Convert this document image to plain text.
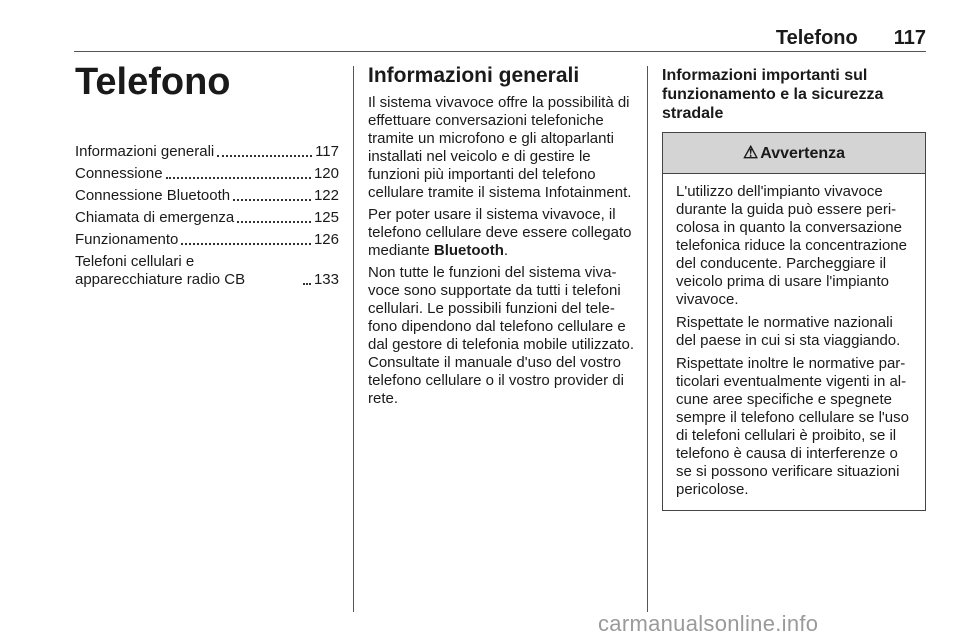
Telefono 117
Telefono
Informazioni generali	117
Connessione	120
Connessione Bluetooth	122
Chiamata di emergenza	125
Funzionamento	126
Telefoni cellulari e apparecchiature radio CB	133
Informazioni generali

Il sistema vivavoce offre la possibilità di effettuare conversazioni telefoniche tramite un microfono e gli altoparlanti installati nel veicolo e di gestire le funzioni più importanti del telefono cellulare tramite il sistema Infotainment.

Per poter usare il sistema vivavoce, il telefono cellulare deve essere collegato mediante Bluetooth.

Non tutte le funzioni del sistema vivavoce sono supportate da tutti i telefoni cellulari. Le possibili funzioni del telefono dipendono dal telefono cellulare e dal gestore di telefonia mobile utilizzato. Consultate il manuale d'uso del vostro telefono cellulare o il vostro provider di rete.

Informazioni importanti sul funzionamento e la sicurezza stradale
⚠ Avvertenza

L'utilizzo dell'impianto vivavoce durante la guida può essere pericolosa in quanto la conversazione telefonica riduce la concentrazione del conducente. Parcheggiare il veicolo prima di usare l'impianto vivavoce.

Rispettate le normative nazionali del paese in cui si sta viaggiando.

Rispettate inoltre le normative particolari eventualmente vigenti in alcune aree specifiche e spegnete sempre il telefono cellulare se l'uso di telefoni cellulari è proibito, se il telefono è causa di interferenze o se si possono verificare situazioni pericolose.

carmanualsonline.info
